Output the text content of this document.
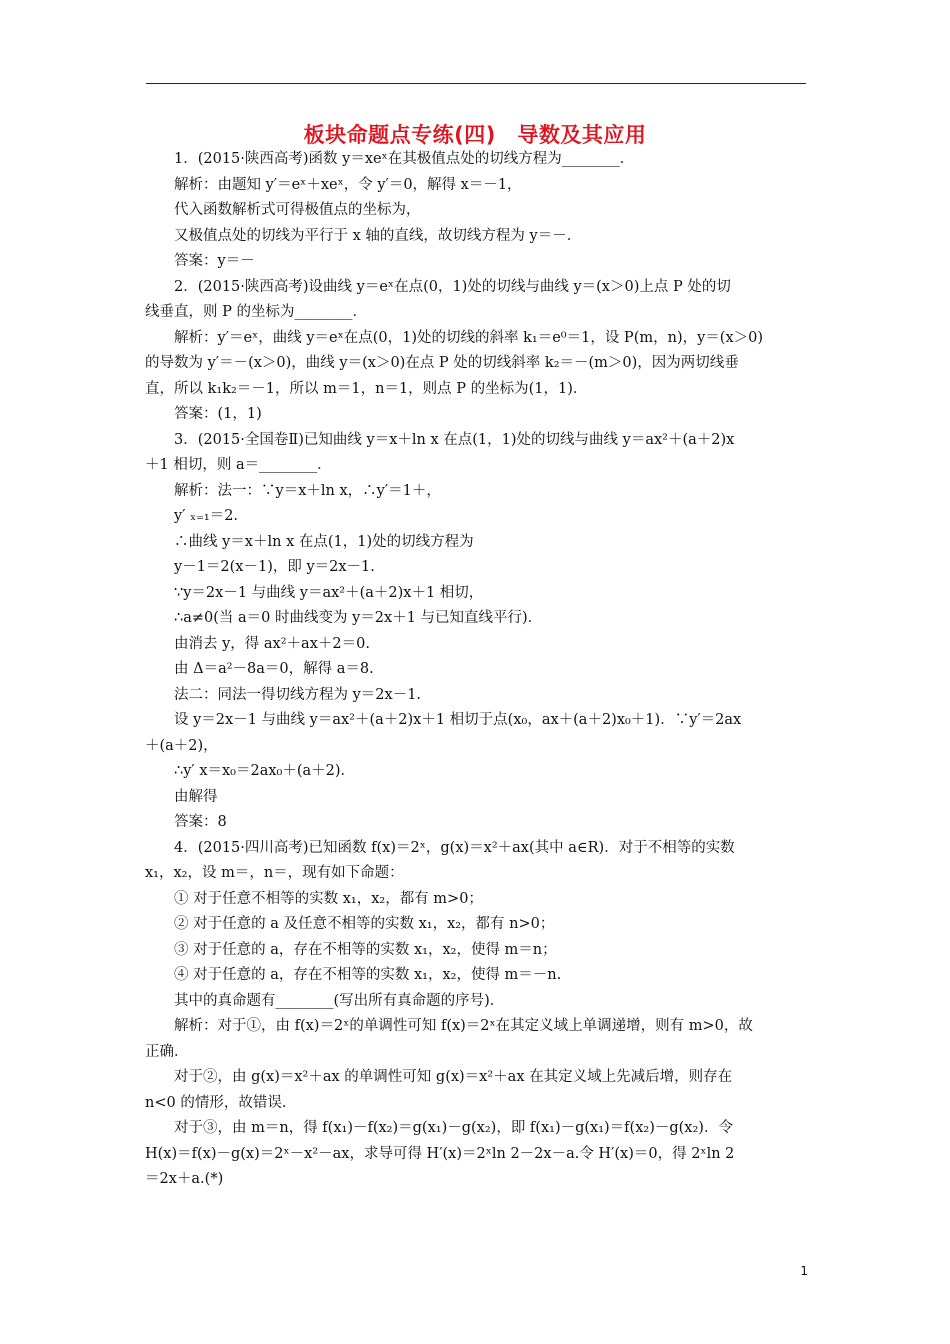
板块命题点专练(四)　导数及其应用
1．(2015·陕西高考)函数 y＝xeˣ在其极值点处的切线方程为________．
解析：由题知 y′＝eˣ＋xeˣ，令 y′＝0，解得 x＝－1，
代入函数解析式可得极值点的坐标为，
又极值点处的切线为平行于 x 轴的直线，故切线方程为 y＝－．
答案：y＝－
2．(2015·陕西高考)设曲线 y＝eˣ在点(0，1)处的切线与曲线 y＝(x＞0)上点 P 处的切
线垂直，则 P 的坐标为________．
解析：y′＝eˣ，曲线 y＝eˣ在点(0，1)处的切线的斜率 k₁＝e⁰＝1，设 P(m，n)，y＝(x＞0)
的导数为 y′＝－(x＞0)，曲线 y＝(x＞0)在点 P 处的切线斜率 k₂＝－(m＞0)，因为两切线垂
直，所以 k₁k₂＝－1，所以 m＝1，n＝1，则点 P 的坐标为(1，1)．
答案：(1，1)
3．(2015·全国卷Ⅱ)已知曲线 y＝x＋ln x 在点(1，1)处的切线与曲线 y＝ax²＋(a＋2)x
＋1 相切，则 a＝________．
解析：法一：∵y＝x＋ln x，∴y′＝1＋，
y′ ₓ₌₁＝2.
∴曲线 y＝x＋ln x 在点(1，1)处的切线方程为
y－1＝2(x－1)，即 y＝2x－1.
∵y＝2x－1 与曲线 y＝ax²＋(a＋2)x＋1 相切，
∴a≠0(当 a＝0 时曲线变为 y＝2x＋1 与已知直线平行)．
由消去 y，得 ax²＋ax＋2＝0.
由 Δ＝a²－8a＝0，解得 a＝8.
法二：同法一得切线方程为 y＝2x－1.
设 y＝2x－1 与曲线 y＝ax²＋(a＋2)x＋1 相切于点(x₀，ax＋(a＋2)x₀＋1)．∵y′＝2ax
＋(a＋2)，
∴y′ x＝x₀＝2ax₀＋(a＋2)．
由解得
答案：8
4．(2015·四川高考)已知函数 f(x)＝2ˣ，g(x)＝x²＋ax(其中 a∈R)．对于不相等的实数
x₁，x₂，设 m＝，n＝，现有如下命题：
① 对于任意不相等的实数 x₁，x₂，都有 m>0；
② 对于任意的 a 及任意不相等的实数 x₁，x₂，都有 n>0；
③ 对于任意的 a，存在不相等的实数 x₁，x₂，使得 m＝n；
④ 对于任意的 a，存在不相等的实数 x₁，x₂，使得 m＝－n.
其中的真命题有________(写出所有真命题的序号)．
解析：对于①，由 f(x)＝2ˣ的单调性可知 f(x)＝2ˣ在其定义域上单调递增，则有 m>0，故
正确．
对于②，由 g(x)＝x²＋ax 的单调性可知 g(x)＝x²＋ax 在其定义域上先减后增，则存在
n<0 的情形，故错误．
对于③，由 m＝n，得 f(x₁)－f(x₂)＝g(x₁)－g(x₂)，即 f(x₁)－g(x₁)＝f(x₂)－g(x₂)．令
H(x)＝f(x)－g(x)＝2ˣ－x²－ax，求导可得 H′(x)＝2ˣln 2－2x－a.令 H′(x)＝0，得 2ˣln 2
＝2x＋a.(*)
1
